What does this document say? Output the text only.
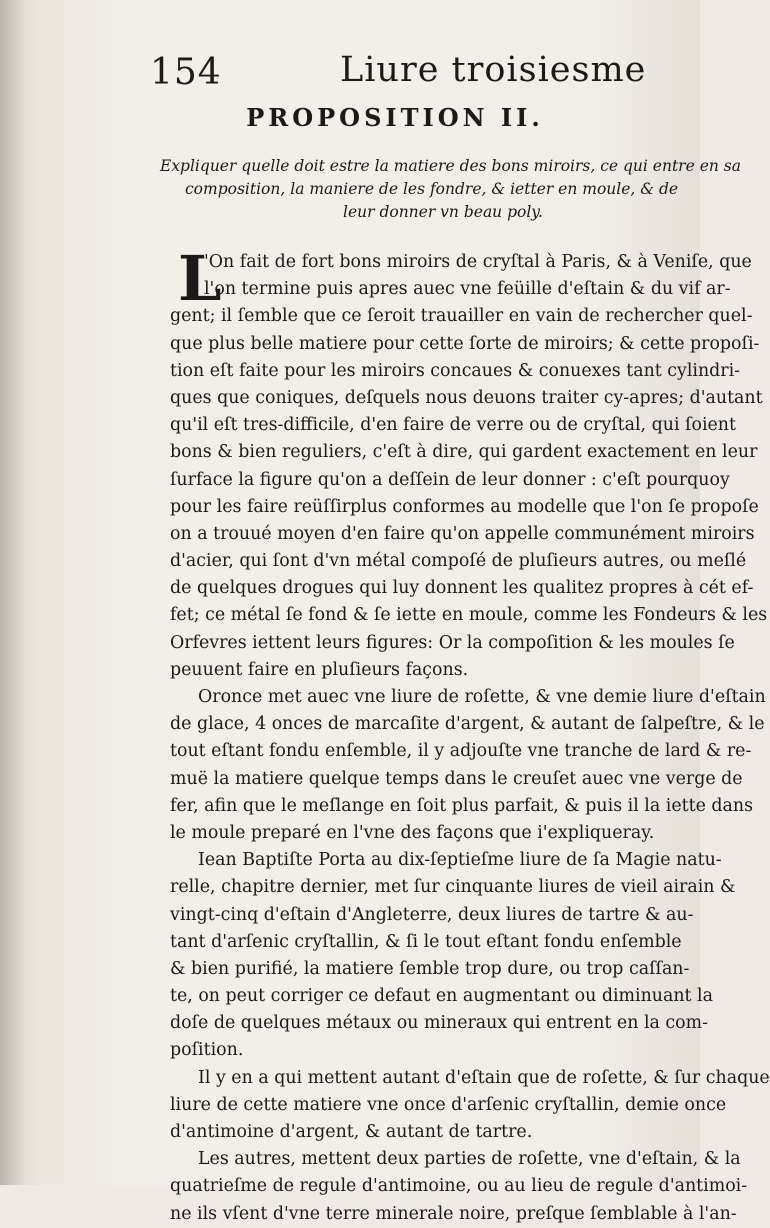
154	Liure troisiesme
PROPOSITION II.
Expliquer quelle doit estre la matiere des bons miroirs, ce qui entre en sa
composition, la maniere de les fondre, & ietter en moule, & de
leur donner vn beau poly.
L
'On fait de fort bons miroirs de cryſtal à Paris, & à Veniſe, que
l'on termine puis apres auec vne feüille d'eſtain & du vif ar-
gent; il ſemble que ce ſeroit trauailler en vain de rechercher quel-
que plus belle matiere pour cette ſorte de miroirs; & cette propoſi-
tion eſt faite pour les miroirs concaues & conuexes tant cylindri-
ques que coniques, deſquels nous deuons traiter cy-apres; d'autant
qu'il eſt tres-difficile, d'en faire de verre ou de cryſtal, qui ſoient
bons & bien reguliers, c'eſt à dire, qui gardent exactement en leur
ſurface la figure qu'on a deſſein de leur donner : c'eſt pourquoy
pour les faire reüſſirplus conformes au modelle que l'on ſe propoſe
on a trouué moyen d'en faire qu'on appelle communément miroirs
d'acier, qui ſont d'vn métal compoſé de pluſieurs autres, ou meſlé
de quelques drogues qui luy donnent les qualitez propres à cét ef-
fet; ce métal ſe fond & ſe iette en moule, comme les Fondeurs & les
Orfevres iettent leurs figures: Or la compoſition & les moules ſe
peuuent faire en pluſieurs façons.
Oronce met auec vne liure de roſette, & vne demie liure d'eſtain
de glace, 4 onces de marcaſite d'argent, & autant de ſalpeſtre, & le
tout eſtant fondu enſemble, il y adjouſte vne tranche de lard & re-
muë la matiere quelque temps dans le creuſet auec vne verge de
fer, afin que le meſlange en ſoit plus parfait, & puis il la iette dans
le moule preparé en l'vne des façons que i'expliqueray.
Iean Baptiſte Porta au dix-ſeptieſme liure de ſa Magie natu-
relle, chapitre dernier, met ſur cinquante liures de vieil airain &
vingt-cinq d'eſtain d'Angleterre, deux liures de tartre & au-
tant d'arſenic cryſtallin, & ſi le tout eſtant fondu enſemble
& bien purifié, la matiere ſemble trop dure, ou trop caſſan-
te, on peut corriger ce defaut en augmentant ou diminuant la
doſe de quelques métaux ou mineraux qui entrent en la com-
poſition.
Il y en a qui mettent autant d'eſtain que de roſette, & ſur chaque
liure de cette matiere vne once d'arſenic cryſtallin, demie once
d'antimoine d'argent, & autant de tartre.
Les autres, mettent deux parties de roſette, vne d'eſtain, & la
quatrieſme de regule d'antimoine, ou au lieu de regule d'antimoi-
ne ils vſent d'vne terre minerale noire, preſque ſemblable à l'an-
